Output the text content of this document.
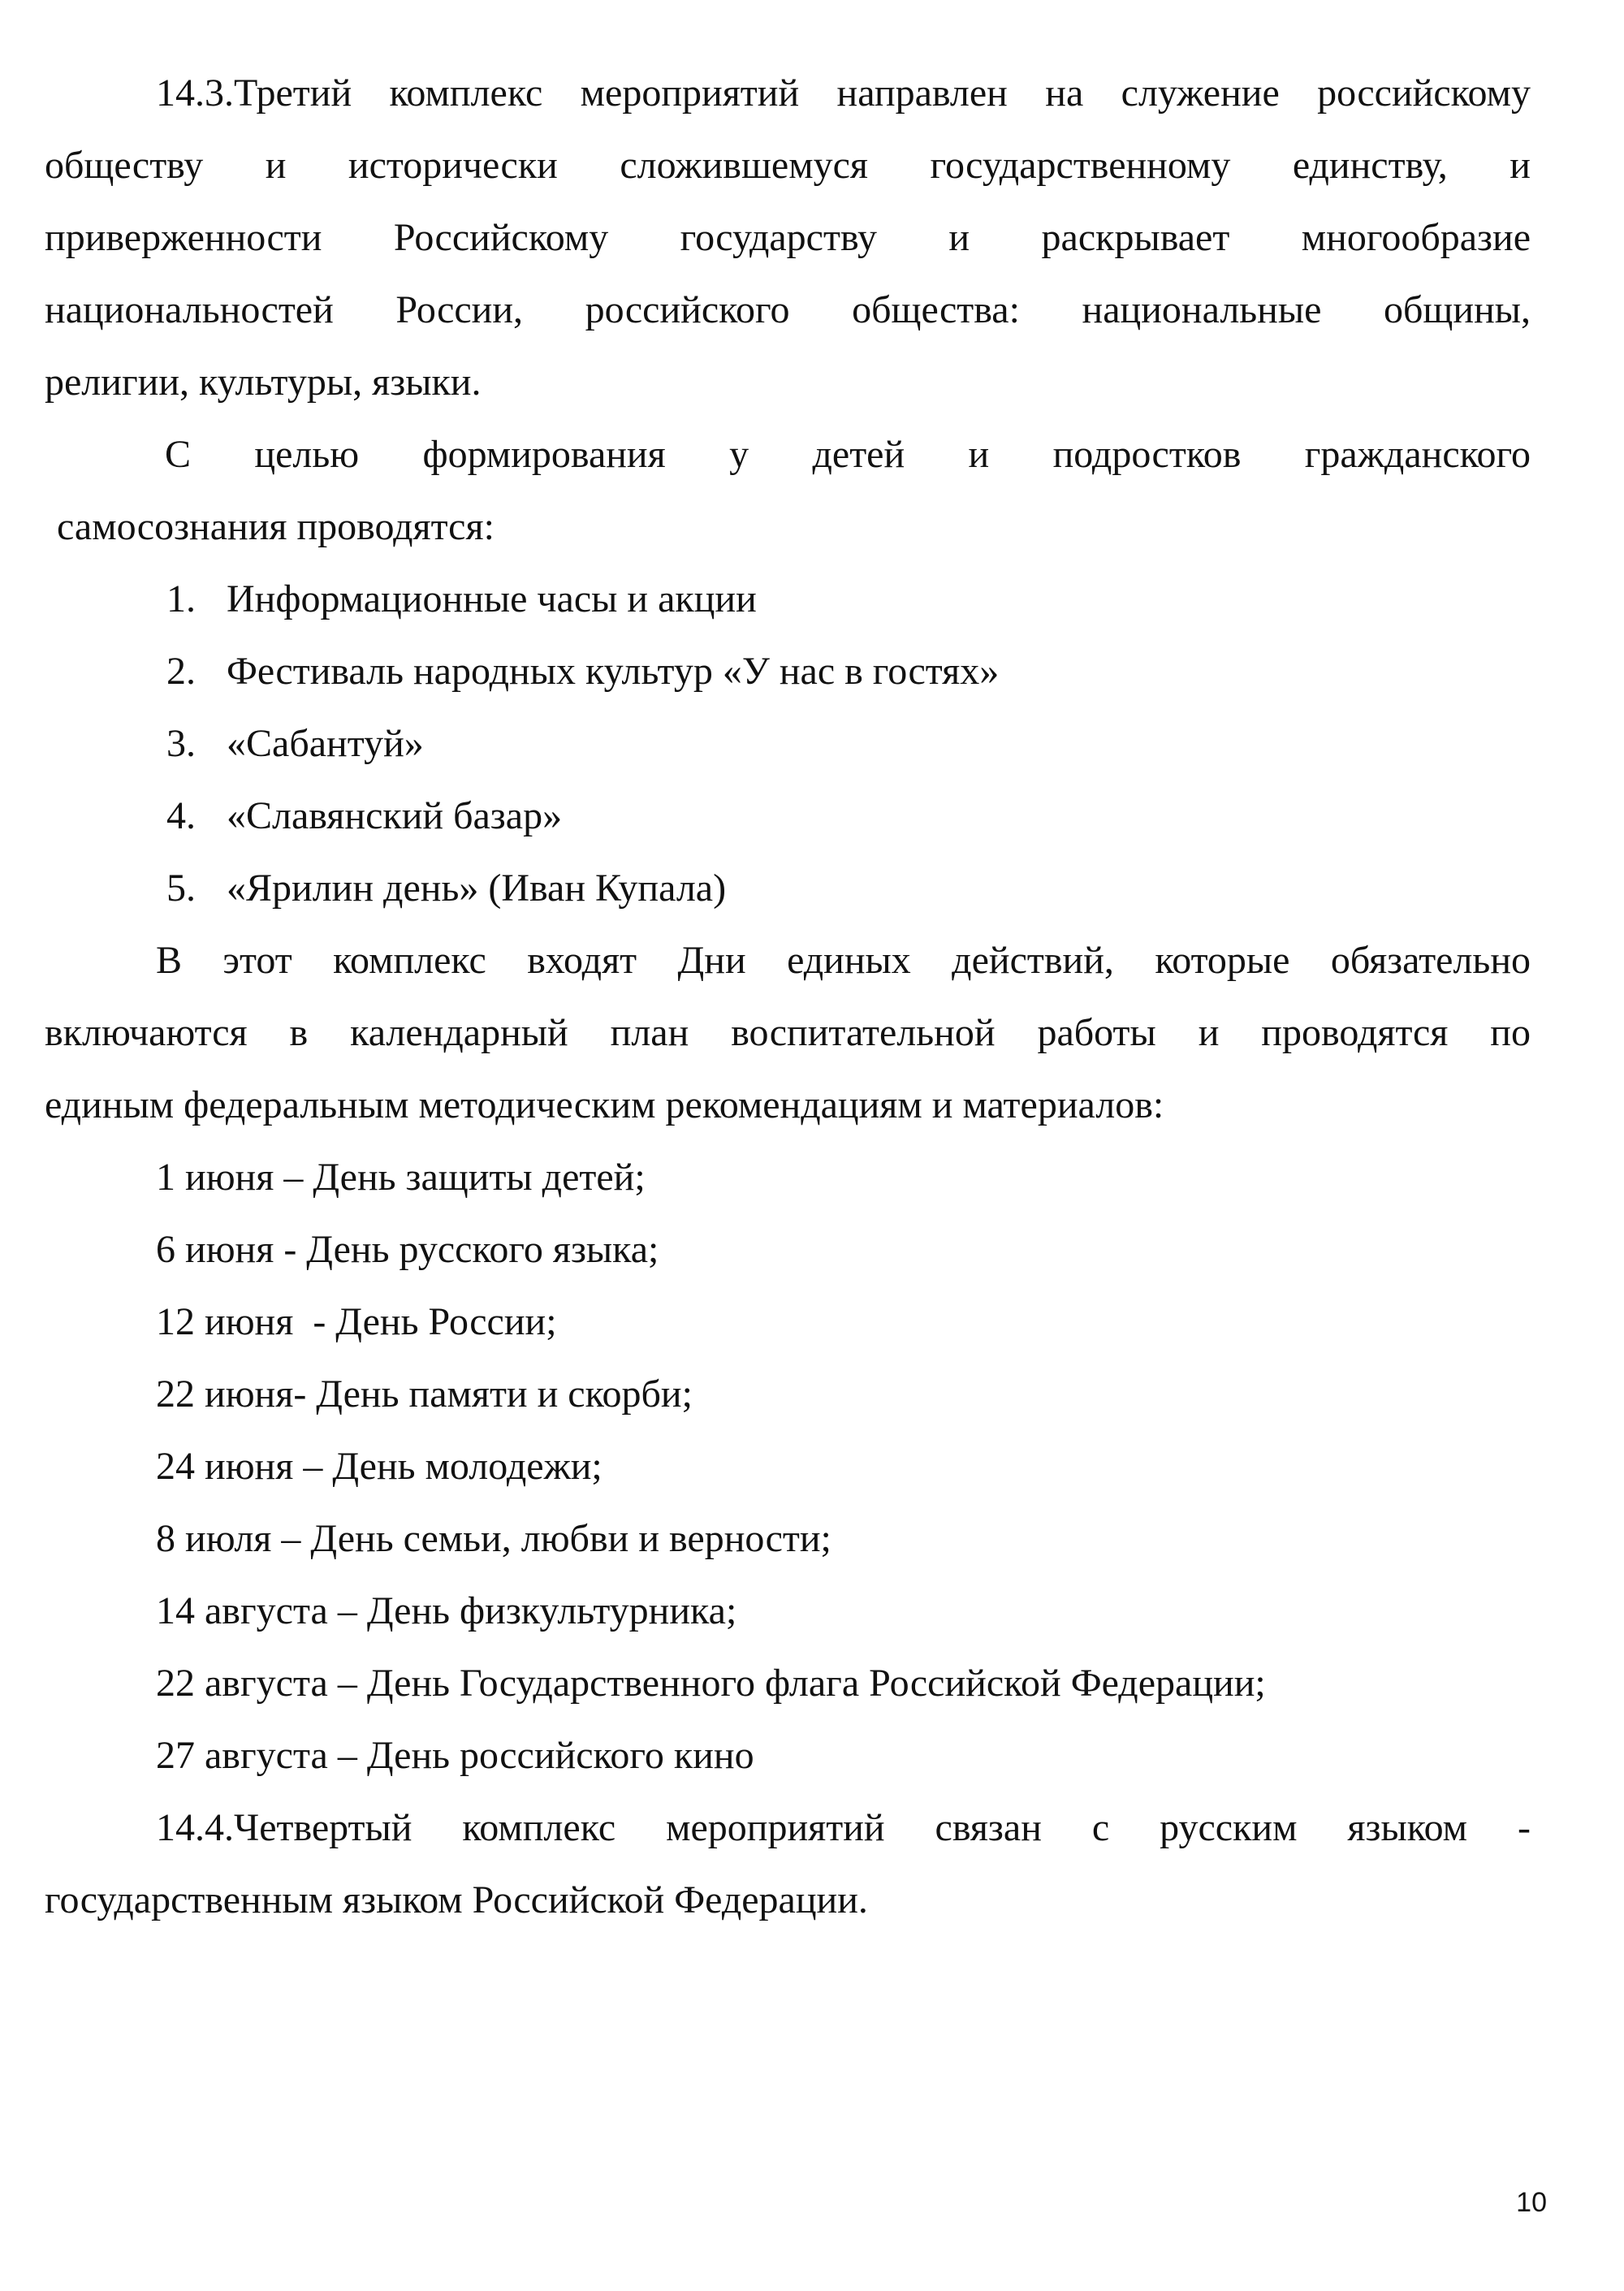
14.3.Третий комплекс мероприятий направлен на служение российскому

обществу и исторически сложившемуся государственному единству, и

приверженности Российскому государству и раскрывает многообразие

национальностей России, российского общества: национальные общины,

религии, культуры, языки.

С целью формирования у детей и подростков гражданского

самосознания проводятся:

1. Информационные часы и акции
2. Фестиваль народных культур «У нас в гостях»
3. «Сабантуй»
4. «Славянский базар»
5. «Ярилин день» (Иван Купала)

В этот комплекс входят Дни единых действий, которые обязательно

включаются в календарный план воспитательной работы и проводятся по

единым федеральным методическим рекомендациям и материалов:

1 июня – День защиты детей;

6 июня - День русского языка;

12 июня  - День России;

22 июня- День памяти и скорби;

24 июня – День молодежи;

8 июля – День семьи, любви и верности;

14 августа – День физкультурника;

22 августа – День Государственного флага Российской Федерации;

27 августа – День российского кино

14.4.Четвертый комплекс мероприятий связан с русским языком -

государственным языком Российской Федерации.

10
